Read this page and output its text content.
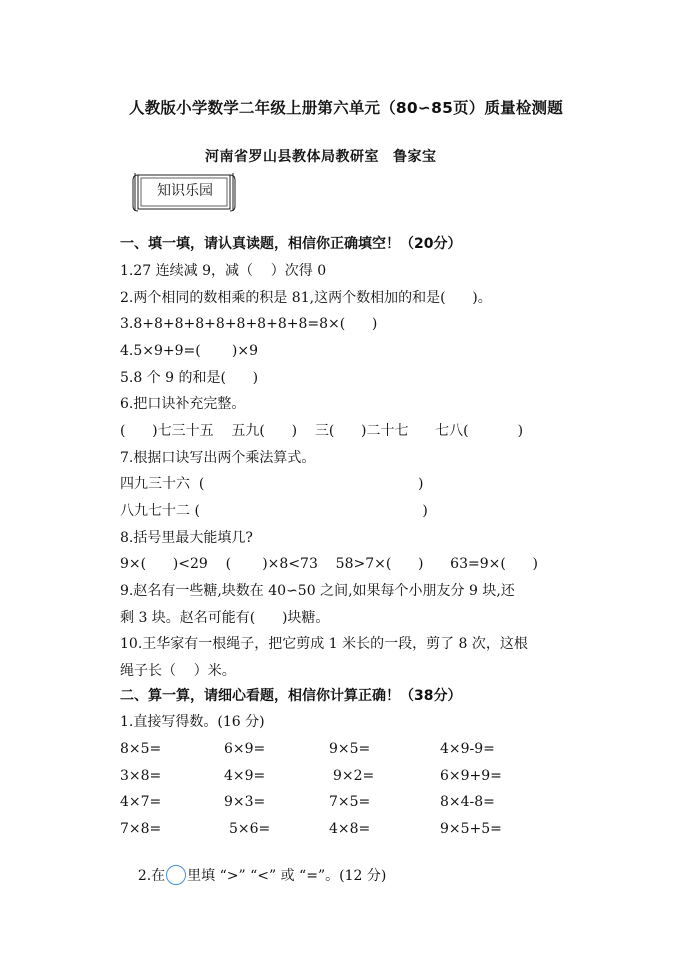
人教版小学数学二年级上册第六单元（80∽85页）质量检测题
河南省罗山县教体局教研室 鲁家宝
知识乐园
一、填一填，请认真读题，相信你正确填空！（20分）
1.27 连续减 9，减（    ）次得 0
2.两个相同的数相乘的积是 81,这两个数相加的和是(      )。
3.8+8+8+8+8+8+8+8+8=8×(      )
4.5×9+9=(       )×9
5.8 个 9 的和是(      )
6.把口诀补充完整。
(      )七三十五    五九(      )    三(      )二十七      七八(           )
7.根据口诀写出两个乘法算式。
四九三十六  (                                                )
八九七十二 (                                                  )
8.括号里最大能填几?
9×(      )<29    (       )×8<73    58>7×(      )      63=9×(      )
9.赵名有一些糖,块数在 40∽50 之间,如果每个小朋友分 9 块,还
剩 3 块。赵名可能有(      )块糖。
10.王华家有一根绳子，把它剪成 1 米长的一段，剪了 8 次，这根
绳子长（    ）米。
二、算一算，请细心看题，相信你计算正确！（38分）
1.直接写得数。(16 分)
8×5=	6×9=	9×5=	4×9-9=
3×8=	4×9=	9×2=	6×9+9=
4×7=	9×3=	7×5=	8×4-8=
7×8=	5×6=	4×8=	9×5+5=

2.在 里填 “>” “<” 或 “=”。(12 分)
